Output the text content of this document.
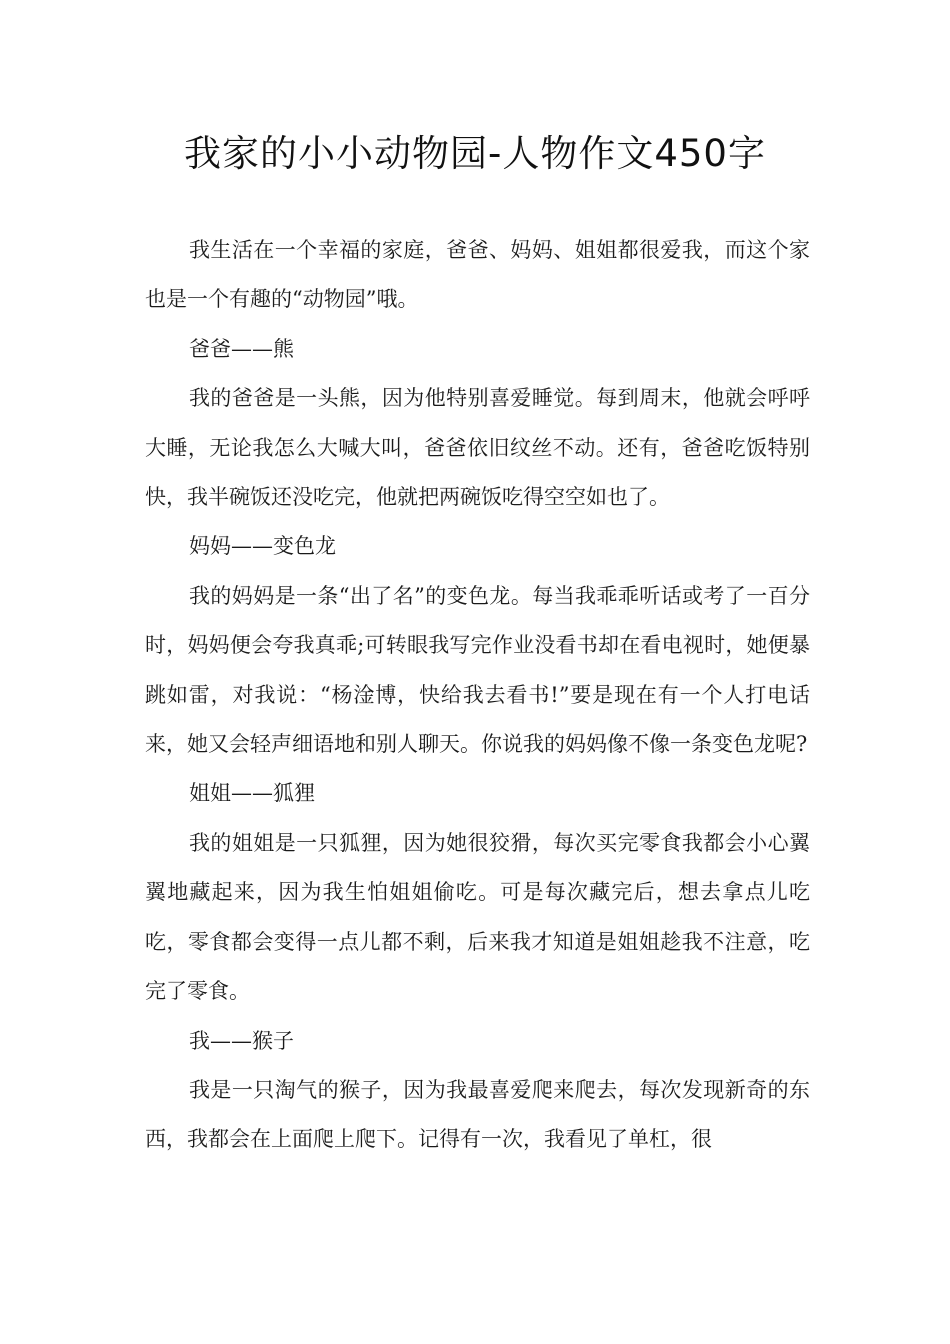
我家的小小动物园-人物作文450字

我生活在一个幸福的家庭，爸爸、妈妈、姐姐都很爱我，而这个家也是一个有趣的“动物园”哦。

爸爸——熊

我的爸爸是一头熊，因为他特别喜爱睡觉。每到周末，他就会呼呼大睡，无论我怎么大喊大叫，爸爸依旧纹丝不动。还有，爸爸吃饭特别快，我半碗饭还没吃完，他就把两碗饭吃得空空如也了。

妈妈——变色龙

我的妈妈是一条“出了名”的变色龙。每当我乖乖听话或考了一百分时，妈妈便会夸我真乖;可转眼我写完作业没看书却在看电视时，她便暴跳如雷，对我说：“杨淦博，快给我去看书!”要是现在有一个人打电话来，她又会轻声细语地和别人聊天。你说我的妈妈像不像一条变色龙呢?

姐姐——狐狸

我的姐姐是一只狐狸，因为她很狡猾，每次买完零食我都会小心翼翼地藏起来，因为我生怕姐姐偷吃。可是每次藏完后，想去拿点儿吃吃，零食都会变得一点儿都不剩，后来我才知道是姐姐趁我不注意，吃完了零食。

我——猴子

我是一只淘气的猴子，因为我最喜爱爬来爬去，每次发现新奇的东西，我都会在上面爬上爬下。记得有一次，我看见了单杠，很
